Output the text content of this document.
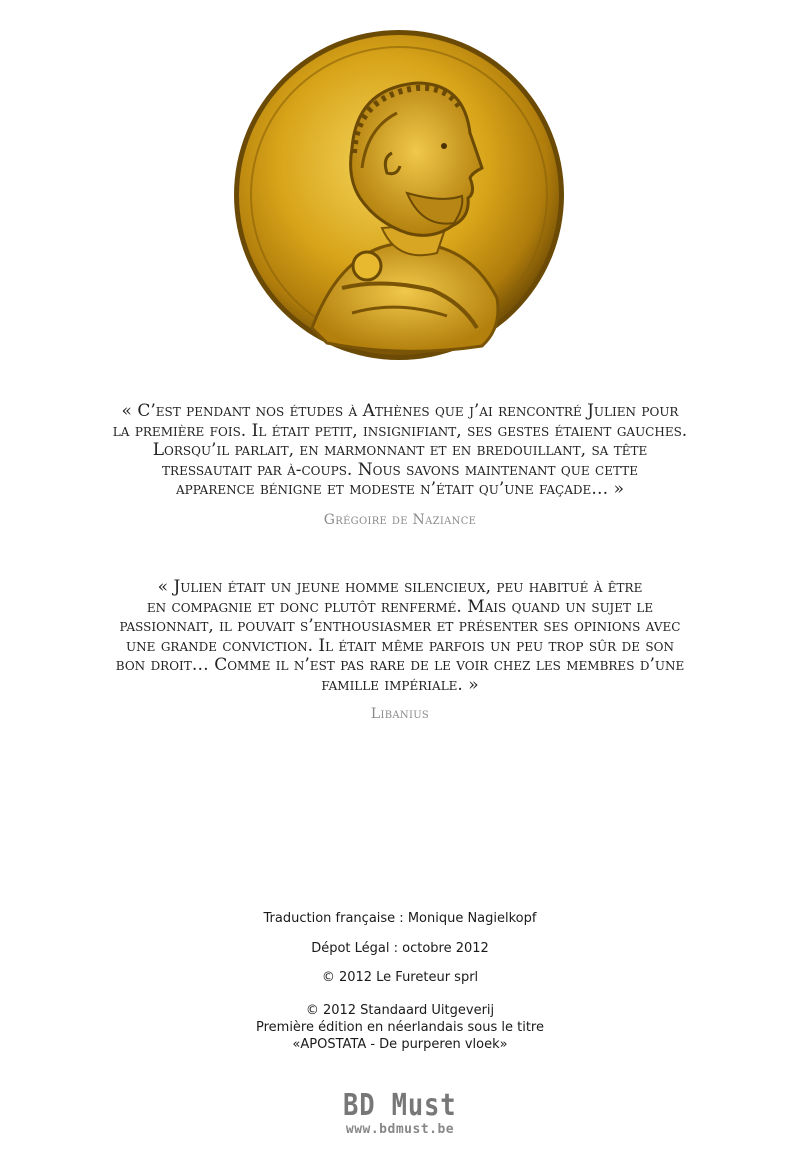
« C’est pendant nos études à Athènes que j’ai rencontré Julien pour

la première fois. Il était petit, insignifiant, ses gestes étaient gauches.

Lorsqu’il parlait, en marmonnant et en bredouillant, sa tête

tressautait par à-coups. Nous savons maintenant que cette

apparence bénigne et modeste n’était qu’une façade… »

Grégoire de Naziance

« Julien était un jeune homme silencieux, peu habitué à être

en compagnie et donc plutôt renfermé. Mais quand un sujet le

passionnait, il pouvait s’enthousiasmer et présenter ses opinions avec

une grande conviction. Il était même parfois un peu trop sûr de son

bon droit… Comme il n’est pas rare de le voir chez les membres d’une

famille impériale. »

Libanius
Traduction française : Monique Nagielkopf
Dépot Légal : octobre 2012
© 2012 Le Fureteur sprl
© 2012 Standaard Uitgeverij
Première édition en néerlandais sous le titre
«APOSTATA - De purperen vloek»
BD Must
www.bdmust.be
